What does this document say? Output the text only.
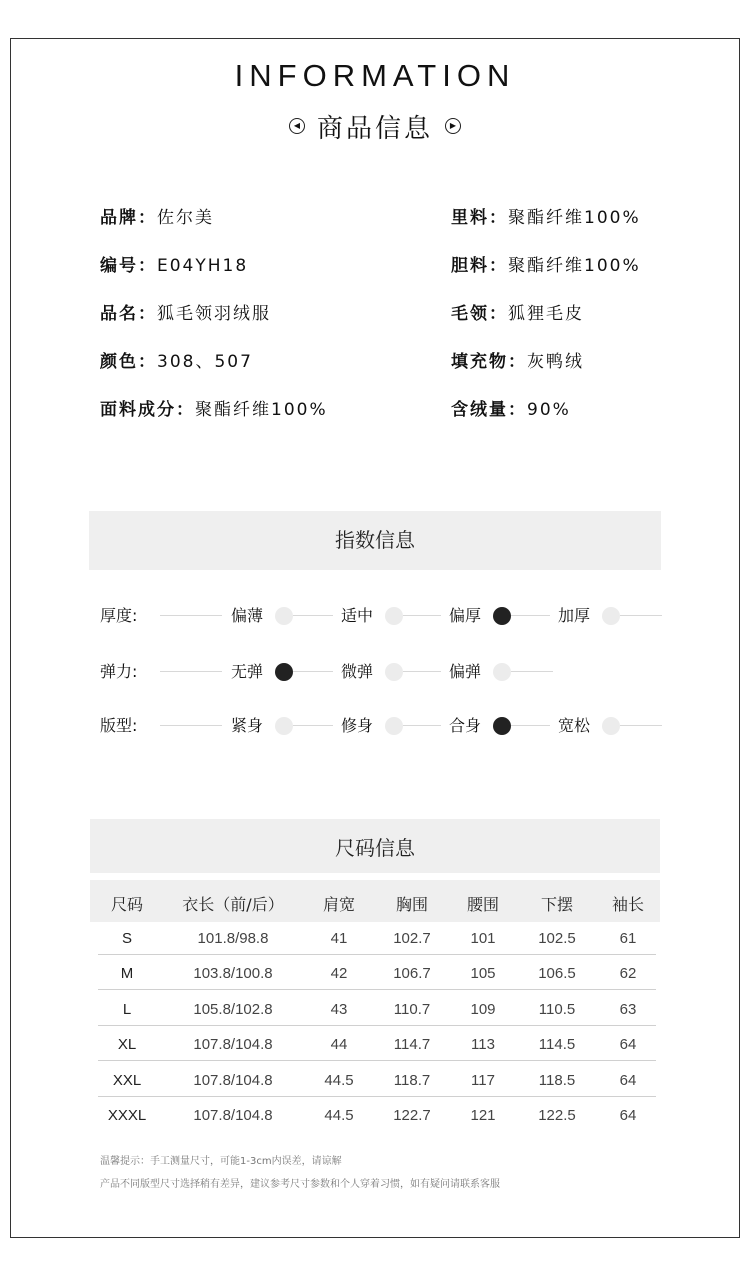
INFORMATION
◀ 商品信息	▶
品牌：佐尔美
编号：E04YH18
品名：狐毛领羽绒服
颜色：308、507
面料成分：聚酯纤维100%
里料：聚酯纤维100%
胆料：聚酯纤维100%
毛领：狐狸毛皮
填充物：灰鸭绒
含绒量：90%
指数信息
厚度:	偏薄	适中	偏厚	加厚
弹力:	无弹	微弹	偏弹
版型:	紧身	修身	合身	宽松
尺码信息
尺码	衣长（前/后）	肩宽	胸围	腰围	下摆	袖长
S	101.8/98.8	41	102.7	101	102.5	61
M	103.8/100.8	42	106.7	105	106.5	62
L	105.8/102.8	43	110.7	109	110.5	63
XL	107.8/104.8	44	114.7	113	114.5	64
XXL	107.8/104.8	44.5	118.7	117	118.5	64
XXXL	107.8/104.8	44.5	122.7	121	122.5	64
温馨提示：手工测量尺寸，可能1-3cm内误差，请谅解
产品不同版型尺寸选择稍有差异，建议参考尺寸参数和个人穿着习惯，如有疑问请联系客服
